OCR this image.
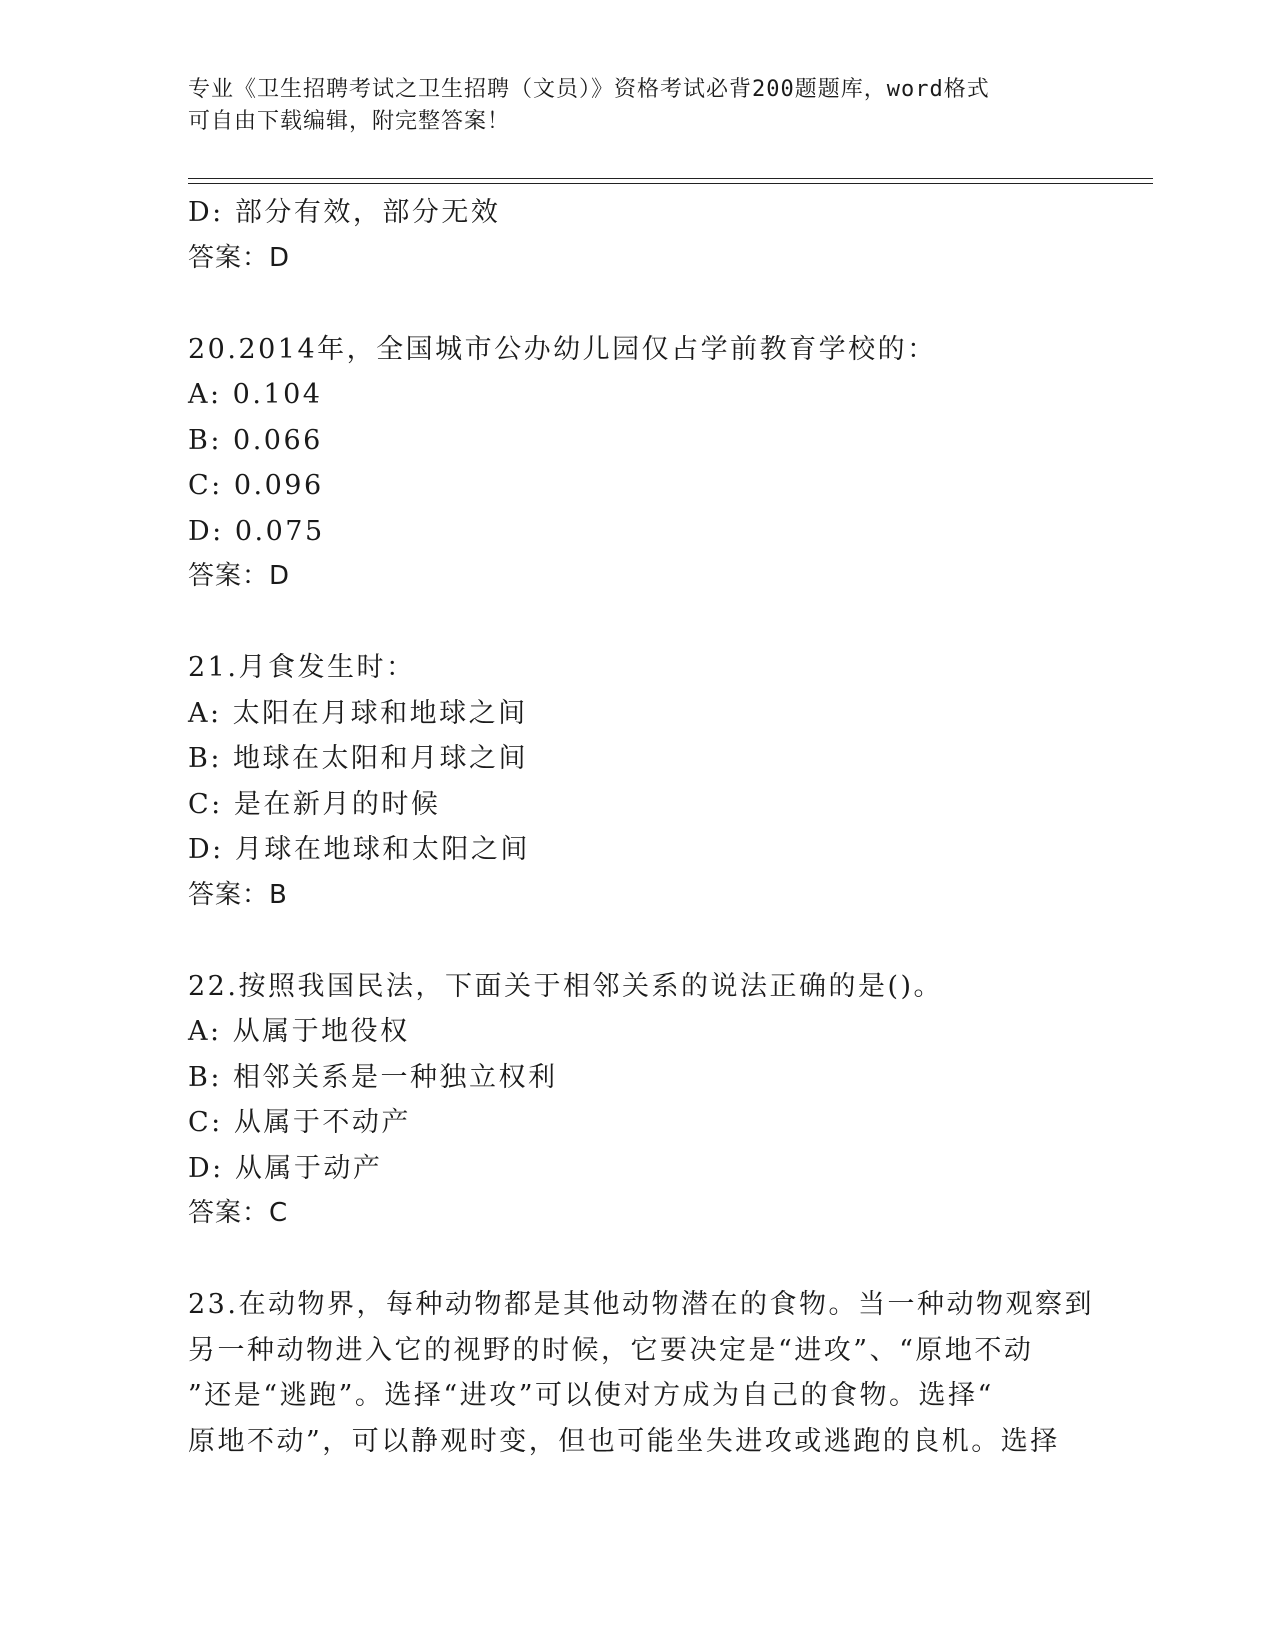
专业《卫生招聘考试之卫生招聘（文员）》资格考试必背200题题库，word格式
可自由下载编辑，附完整答案！
D: 部分有效，部分无效
答案：D
20.2014年，全国城市公办幼儿园仅占学前教育学校的：
A: 0.104
B: 0.066
C: 0.096
D: 0.075
答案：D
21.月食发生时：
A: 太阳在月球和地球之间
B: 地球在太阳和月球之间
C: 是在新月的时候
D: 月球在地球和太阳之间
答案：B
22.按照我国民法，下面关于相邻关系的说法正确的是()。
A: 从属于地役权
B: 相邻关系是一种独立权利
C: 从属于不动产
D: 从属于动产
答案：C
23.在动物界，每种动物都是其他动物潜在的食物。当一种动物观察到
另一种动物进入它的视野的时候，它要决定是“进攻”、“原地不动
”还是“逃跑”。选择“进攻”可以使对方成为自己的食物。选择“
原地不动”，可以静观时变，但也可能坐失进攻或逃跑的良机。选择
